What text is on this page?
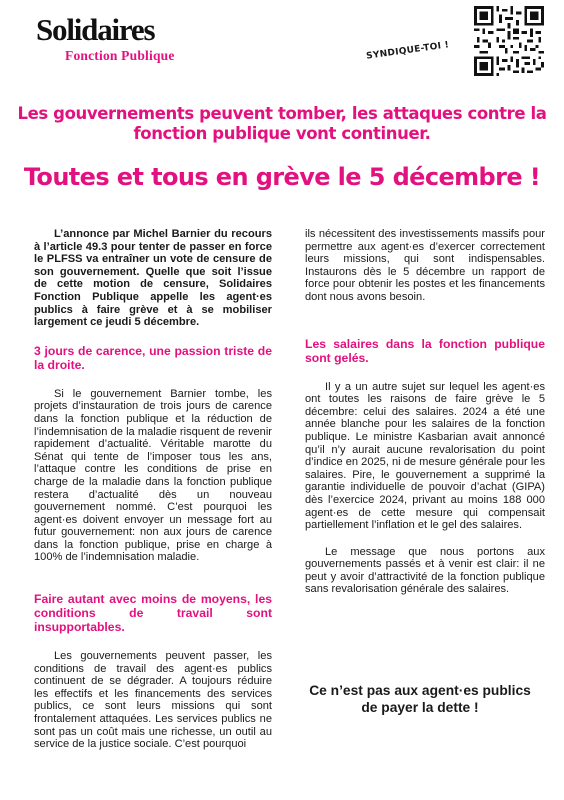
Solidaires
Fonction Publique	SYNDIQUE-TOI !
Les gouvernements peuvent tomber, les attaques contre la fonction publique vont continuer.
Toutes et tous en grève le 5 décembre !

L’annonce par Michel Barnier du recours à l’article 49.3 pour tenter de passer en force le PLFSS va entraîner un vote de censure de son gouvernement. Quelle que soit l’issue de cette motion de censure, Solidaires Fonction Publique appelle les agent·es publics à faire grève et à se mobiliser largement ce jeudi 5 décembre.

3 jours de carence, une passion triste de la droite.

Si le gouvernement Barnier tombe, les projets d’instauration de trois jours de carence dans la fonction publique et la réduction de l’indemnisation de la maladie risquent de revenir rapidement d’actualité. Véritable marotte du Sénat qui tente de l’imposer tous les ans, l’attaque contre les conditions de prise en charge de la maladie dans la fonction publique restera d’actualité dès un nouveau gouvernement nommé. C’est pourquoi les agent·es doivent envoyer un message fort au futur gouvernement: non aux jours de carence dans la fonction publique, prise en charge à 100% de l’indemnisation maladie.

Faire autant avec moins de moyens, les conditions de travail sont insupportables.

Les gouvernements peuvent passer, les conditions de travail des agent·es publics continuent de se dégrader. A toujours réduire les effectifs et les financements des services publics, ce sont leurs missions qui sont frontalement attaquées. Les services publics ne sont pas un coût mais une richesse, un outil au service de la justice sociale. C’est pourquoi

ils nécessitent des investissements massifs pour permettre aux agent·es d’exercer correctement leurs missions, qui sont indispensables. Instaurons dès le 5 décembre un rapport de force pour obtenir les postes et les financements dont nous avons besoin.

Les salaires dans la fonction publique sont gelés.

Il y a un autre sujet sur lequel les agent·es ont toutes les raisons de faire grève le 5 décembre: celui des salaires. 2024 a été une année blanche pour les salaires de la fonction publique. Le ministre Kasbarian avait annoncé qu’il n’y aurait aucune revalorisation du point d’indice en 2025, ni de mesure générale pour les salaires. Pire, le gouvernement a supprimé la garantie individuelle de pouvoir d’achat (GIPA) dès l’exercice 2024, privant au moins 188 000 agent·es de cette mesure qui compensait partiellement l’inflation et le gel des salaires.

Le message que nous portons aux gouvernements passés et à venir est clair: il ne peut y avoir d’attractivité de la fonction publique sans revalorisation générale des salaires.

Ce n’est pas aux agent·es publics de payer la dette !
